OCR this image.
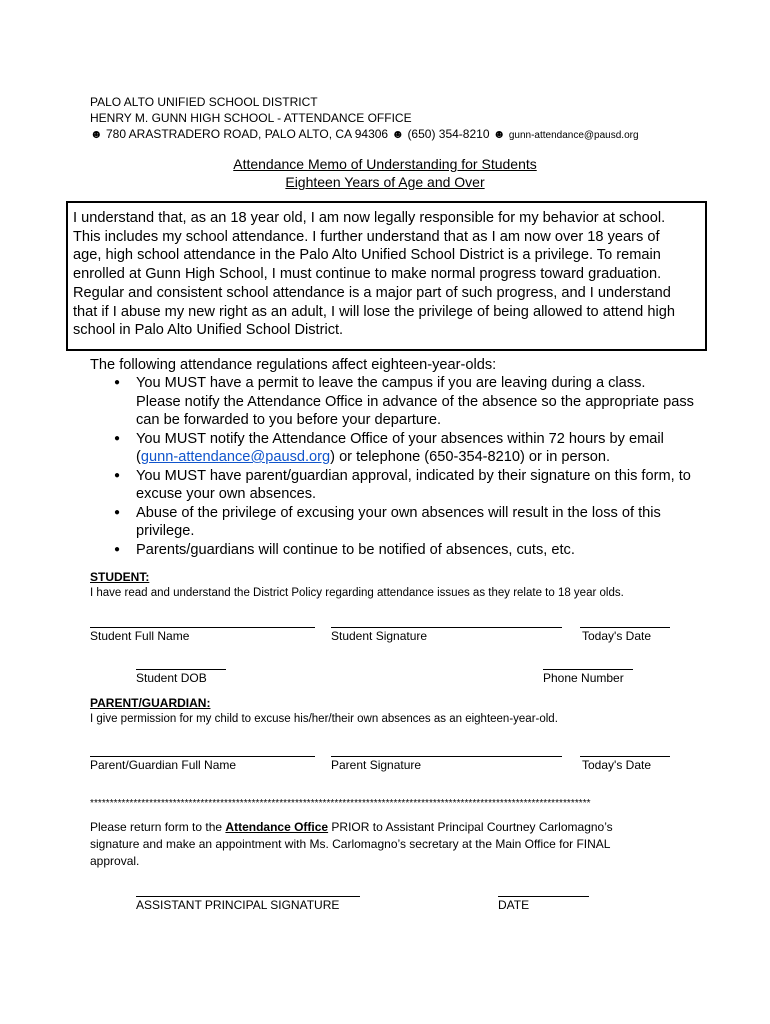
PALO ALTO UNIFIED SCHOOL DISTRICT
HENRY M. GUNN HIGH SCHOOL - ATTENDANCE OFFICE
☻ 780 ARASTRADERO ROAD, PALO ALTO, CA 94306 ☻ (650) 354-8210 ☻ gunn-attendance@pausd.org
Attendance Memo of Understanding for Students
Eighteen Years of Age and Over
I understand that, as an 18 year old, I am now legally responsible for my behavior at school.
This includes my school attendance. I further understand that as I am now over 18 years of
age, high school attendance in the Palo Alto Unified School District is a privilege. To remain
enrolled at Gunn High School, I must continue to make normal progress toward graduation.
Regular and consistent school attendance is a major part of such progress, and I understand
that if I abuse my new right as an adult, I will lose the privilege of being allowed to attend high
school in Palo Alto Unified School District.
The following attendance regulations affect eighteen-year-olds:
● You MUST have a permit to leave the campus if you are leaving during a class. Please notify the Attendance Office in advance of the absence so the appropriate pass can be forwarded to you before your departure.
● You MUST notify the Attendance Office of your absences within 72 hours by email (gunn-attendance@pausd.org) or telephone (650-354-8210) or in person.
● You MUST have parent/guardian approval, indicated by their signature on this form, to excuse your own absences.
● Abuse of the privilege of excusing your own absences will result in the loss of this privilege.
● Parents/guardians will continue to be notified of absences, cuts, etc.
STUDENT:
I have read and understand the District Policy regarding attendance issues as they relate to 18 year olds.
Student Full Name	Student Signature	Today's Date
Student DOB	Phone Number
PARENT/GUARDIAN:
I give permission for my child to excuse his/her/their own absences as an eighteen-year-old.
Parent/Guardian Full Name	Parent Signature	Today's Date
*******************************************************************************************************************************
Please return form to the Attendance Office PRIOR to Assistant Principal Courtney Carlomagno’s signature and make an appointment with Ms. Carlomagno’s secretary at the Main Office for FINAL approval.
ASSISTANT PRINCIPAL SIGNATURE	DATE
